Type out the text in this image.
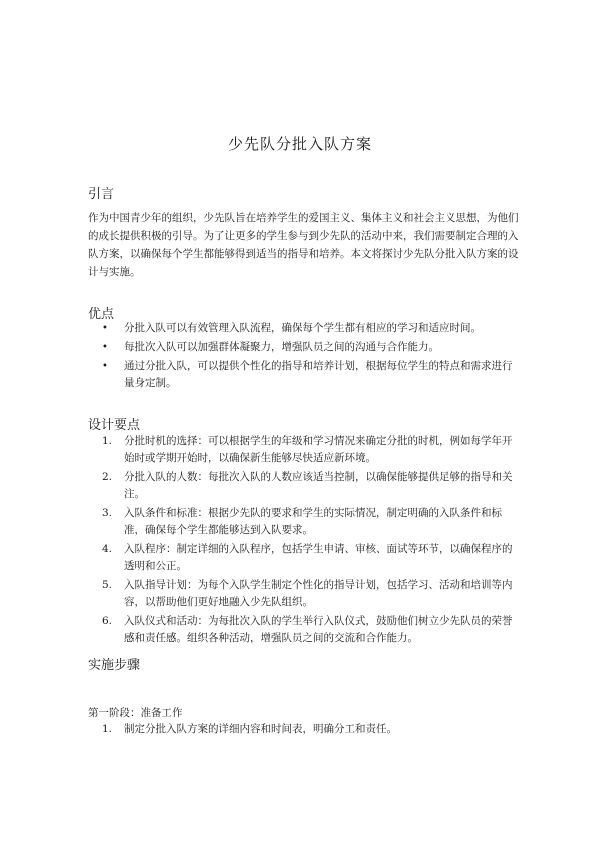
少先队分批入队方案
引言
作为中国青少年的组织，少先队旨在培养学生的爱国主义、集体主义和社会主义思想，为他们的成长提供积极的引导。为了让更多的学生参与到少先队的活动中来，我们需要制定合理的入队方案，以确保每个学生都能够得到适当的指导和培养。本文将探讨少先队分批入队方案的设计与实施。
优点
• 分批入队可以有效管理入队流程，确保每个学生都有相应的学习和适应时间。
• 每批次入队可以加强群体凝聚力，增强队员之间的沟通与合作能力。
• 通过分批入队，可以提供个性化的指导和培养计划，根据每位学生的特点和需求进行量身定制。
设计要点
1. 分批时机的选择：可以根据学生的年级和学习情况来确定分批的时机，例如每学年开始时或学期开始时，以确保新生能够尽快适应新环境。
2. 分批入队的人数：每批次入队的人数应该适当控制，以确保能够提供足够的指导和关注。
3. 入队条件和标准：根据少先队的要求和学生的实际情况，制定明确的入队条件和标准，确保每个学生都能够达到入队要求。
4. 入队程序：制定详细的入队程序，包括学生申请、审核、面试等环节，以确保程序的透明和公正。
5. 入队指导计划：为每个入队学生制定个性化的指导计划，包括学习、活动和培训等内容，以帮助他们更好地融入少先队组织。
6. 入队仪式和活动：为每批次入队的学生举行入队仪式，鼓励他们树立少先队员的荣誉感和责任感。组织各种活动，增强队员之间的交流和合作能力。
实施步骤
第一阶段：准备工作
1. 制定分批入队方案的详细内容和时间表，明确分工和责任。
